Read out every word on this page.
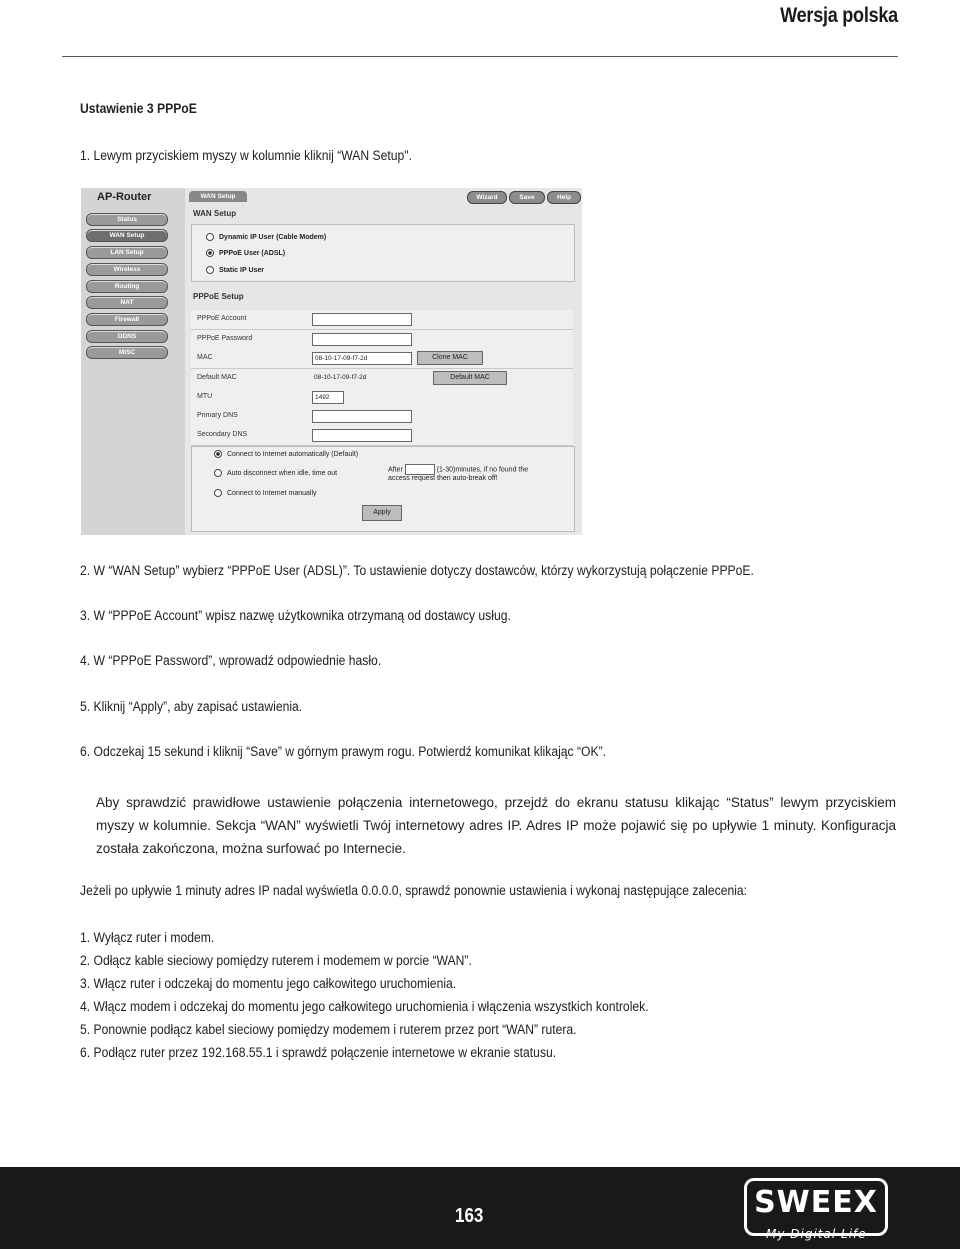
Wersja polska
Ustawienie 3 PPPoE
1. Lewym przyciskiem myszy w kolumnie kliknij “WAN Setup".
AP-Router
Status
WAN Setup
LAN Setup
Wireless
Routing
NAT
Firewall
DDNS
MISC
WAN Setup	Wizard	Save	Help
WAN Setup
Dynamic IP User (Cable Modem)
PPPoE User (ADSL)
Static IP User
PPPoE Setup
PPPoE Account
PPPoE Password
MAC	08-10-17-09-f7-2d	Clone MAC
Default MAC	08-10-17-09-f7-2d	Default MAC
MTU	1492
Primary DNS
Secondary DNS
Connect to Internet automatically (Default)
Auto disconnect when idle, time out	After	(1-30)minutes, if no found the
access request then auto-break off!
Connect to Internet manually
Apply
2. W “WAN Setup” wybierz “PPPoE User (ADSL)”. To ustawienie dotyczy dostawców, którzy wykorzystują połączenie PPPoE.
3. W “PPPoE Account” wpisz nazwę użytkownika otrzymaną od dostawcy usług.
4. W “PPPoE Password”, wprowadź odpowiednie hasło.
5. Kliknij “Apply”, aby zapisać ustawienia.
6. Odczekaj 15 sekund i kliknij “Save” w górnym prawym rogu. Potwierdź komunikat klikając “OK”.
Aby sprawdzić prawidłowe ustawienie połączenia internetowego, przejdź do ekranu statusu klikając “Status” lewym przyciskiem myszy w kolumnie. Sekcja “WAN” wyświetli Twój internetowy adres IP. Adres IP może pojawić się po upływie 1 minuty. Konfiguracja została zakończona, można surfować po Internecie.
Jeżeli po upływie 1 minuty adres IP nadal wyświetla 0.0.0.0, sprawdź ponownie ustawienia i wykonaj następujące zalecenia:
1. Wyłącz ruter i modem.
2. Odłącz kable sieciowy pomiędzy ruterem i modemem w porcie “WAN”.
3. Włącz ruter i odczekaj do momentu jego całkowitego uruchomienia.
4. Włącz modem i odczekaj do momentu jego całkowitego uruchomienia i włączenia wszystkich kontrolek.
5. Ponownie podłącz kabel sieciowy pomiędzy modemem i ruterem przez port “WAN” rutera.
6. Podłącz ruter przez 192.168.55.1 i sprawdź połączenie internetowe w ekranie statusu.
163	SWEEX
My Digital Life
